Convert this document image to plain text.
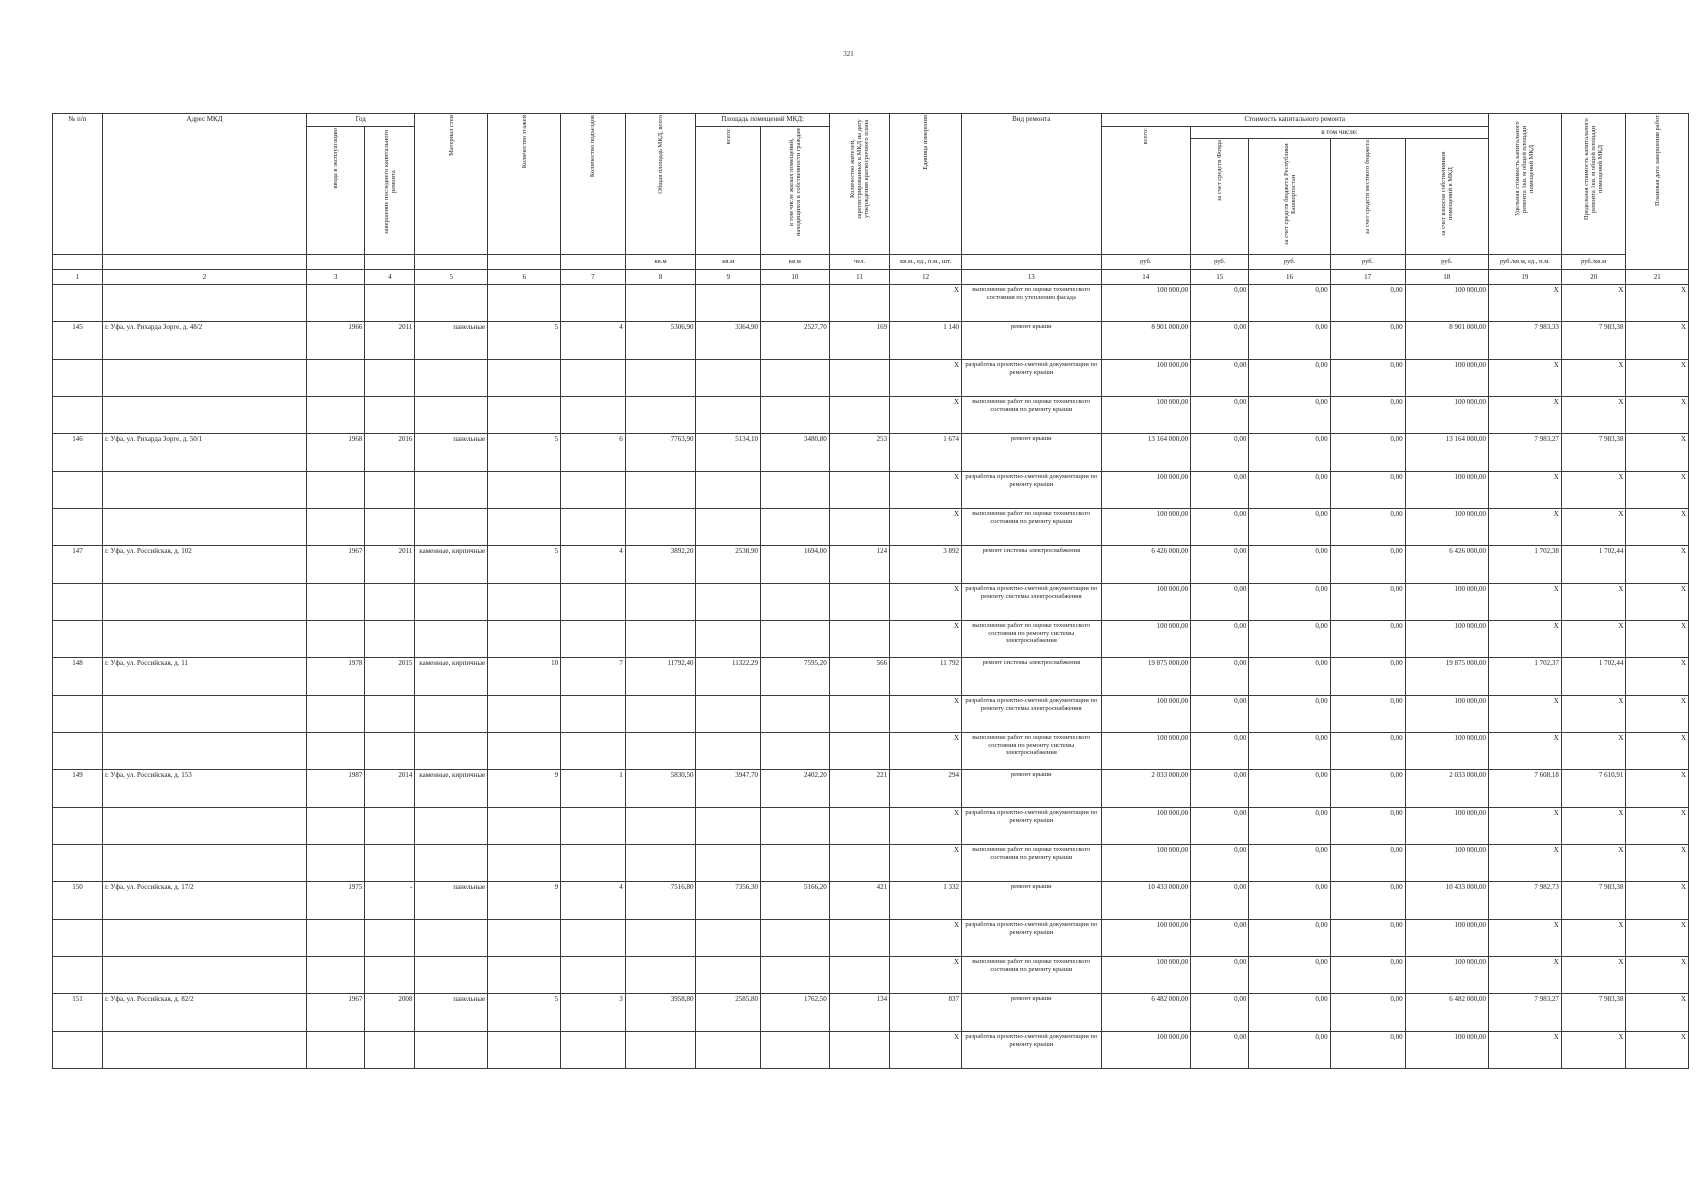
321
№ п/п	Адрес МКД	Год		Материал стен	Количество этажей	Количество подъездов	Общая площадь МКД, всего	Площадь помещений МКД:		Количество жителей, зарегистрированных в МКД на дату утверждения краткосрочного плана	Единица измерения	Вид ремонта	Стоимость капитального ремонта					Удельная стоимость капитального ремонта 1кв. м общей площади помещений МКД	Предельная стоимость капитального ремонта 1кв. м общей площади помещений МКД	Плановая дата завершения работ
		ввода в эксплуатацию	завершение последнего капитального ремонта					всего:	в том числе жилых помещений, находящихся в собственности граждан				всего:	в том числе:						
														за счет средств Фонда	за счет средств бюджета Республики Башкортостан	за счет средств местного бюджета	за счет взносов собственников помещений в МКД			
							кв.м	кв.м	кв.м	чел.	кв.м., ед., п.м., шт.		руб.	руб.	руб.	руб.	руб.	руб./кв.м, ед., п.м.	руб./кв.м	
1	2	3	4	5	6	7	8	9	10	11	12	13	14	15	16	17	18	19	20	21
											X	выполнение работ по оценке технического состояния по утеплению фасада	100 000,00	0,00	0,00	0,00	100 000,00	X	X	X
145	г. Уфа, ул. Рихарда Зорге, д. 48/2	1966	2011	панельные	5	4	5306,90	3364,90	2527,70	169	1 140	ремонт крыши	8 901 000,00	0,00	0,00	0,00	8 901 000,00	7 983,33	7 983,38	X
											X	разработка проектно-сметной документации по ремонту крыши	100 000,00	0,00	0,00	0,00	100 000,00	X	X	X
											X	выполнение работ по оценке технического состояния по ремонту крыши	100 000,00	0,00	0,00	0,00	100 000,00	X	X	X
146	г. Уфа, ул. Рихарда Зорге, д. 50/1	1968	2016	панельные	5	6	7763,90	5134,10	3480,80	253	1 674	ремонт крыши	13 164 000,00	0,00	0,00	0,00	13 164 000,00	7 983,27	7 983,38	X
											X	разработка проектно-сметной документации по ремонту крыши	100 000,00	0,00	0,00	0,00	100 000,00	X	X	X
											X	выполнение работ по оценке технического состояния по ремонту крыши	100 000,00	0,00	0,00	0,00	100 000,00	X	X	X
147	г. Уфа, ул. Российская, д. 102	1967	2011	каменные, кирпичные	5	4	3892,20	2538,90	1694,00	124	3 892	ремонт системы электроснабжения	6 426 000,00	0,00	0,00	0,00	6 426 000,00	1 702,38	1 702,44	X
											X	разработка проектно-сметной документации по ремонту системы электроснабжения	100 000,00	0,00	0,00	0,00	100 000,00	X	X	X
											X	выполнение работ по оценке технического состояния по ремонту системы электроснабжения	100 000,00	0,00	0,00	0,00	100 000,00	X	X	X
148	г. Уфа, ул. Российская, д. 11	1978	2015	каменные, кирпичные	10	7	11792,40	11322,29	7595,20	566	11 792	ремонт системы электроснабжения	19 875 000,00	0,00	0,00	0,00	19 875 000,00	1 702,37	1 702,44	X
											X	разработка проектно-сметной документации по ремонту системы электроснабжения	100 000,00	0,00	0,00	0,00	100 000,00	X	X	X
											X	выполнение работ по оценке технического состояния по ремонту системы электроснабжения	100 000,00	0,00	0,00	0,00	100 000,00	X	X	X
149	г. Уфа, ул. Российская, д. 153	1987	2014	каменные, кирпичные	9	1	5830,50	3947,70	2402,20	221	294	ремонт крыши	2 033 000,00	0,00	0,00	0,00	2 033 000,00	7 608,18	7 610,91	X
											X	разработка проектно-сметной документации по ремонту крыши	100 000,00	0,00	0,00	0,00	100 000,00	X	X	X
											X	выполнение работ по оценке технического состояния по ремонту крыши	100 000,00	0,00	0,00	0,00	100 000,00	X	X	X
150	г. Уфа, ул. Российская, д. 17/2	1975	-	панельные	9	4	7516,80	7356,30	5166,20	421	1 332	ремонт крыши	10 433 000,00	0,00	0,00	0,00	10 433 000,00	7 982,73	7 983,38	X
											X	разработка проектно-сметной документации по ремонту крыши	100 000,00	0,00	0,00	0,00	100 000,00	X	X	X
											X	выполнение работ по оценке технического состояния по ремонту крыши	100 000,00	0,00	0,00	0,00	100 000,00	X	X	X
151	г. Уфа, ул. Российская, д. 82/2	1967	2008	панельные	5	3	3958,80	2585,80	1762,50	134	837	ремонт крыши	6 482 000,00	0,00	0,00	0,00	6 482 000,00	7 983,27	7 983,38	X
											X	разработка проектно-сметной документации по ремонту крыши	100 000,00	0,00	0,00	0,00	100 000,00	X	X	X
